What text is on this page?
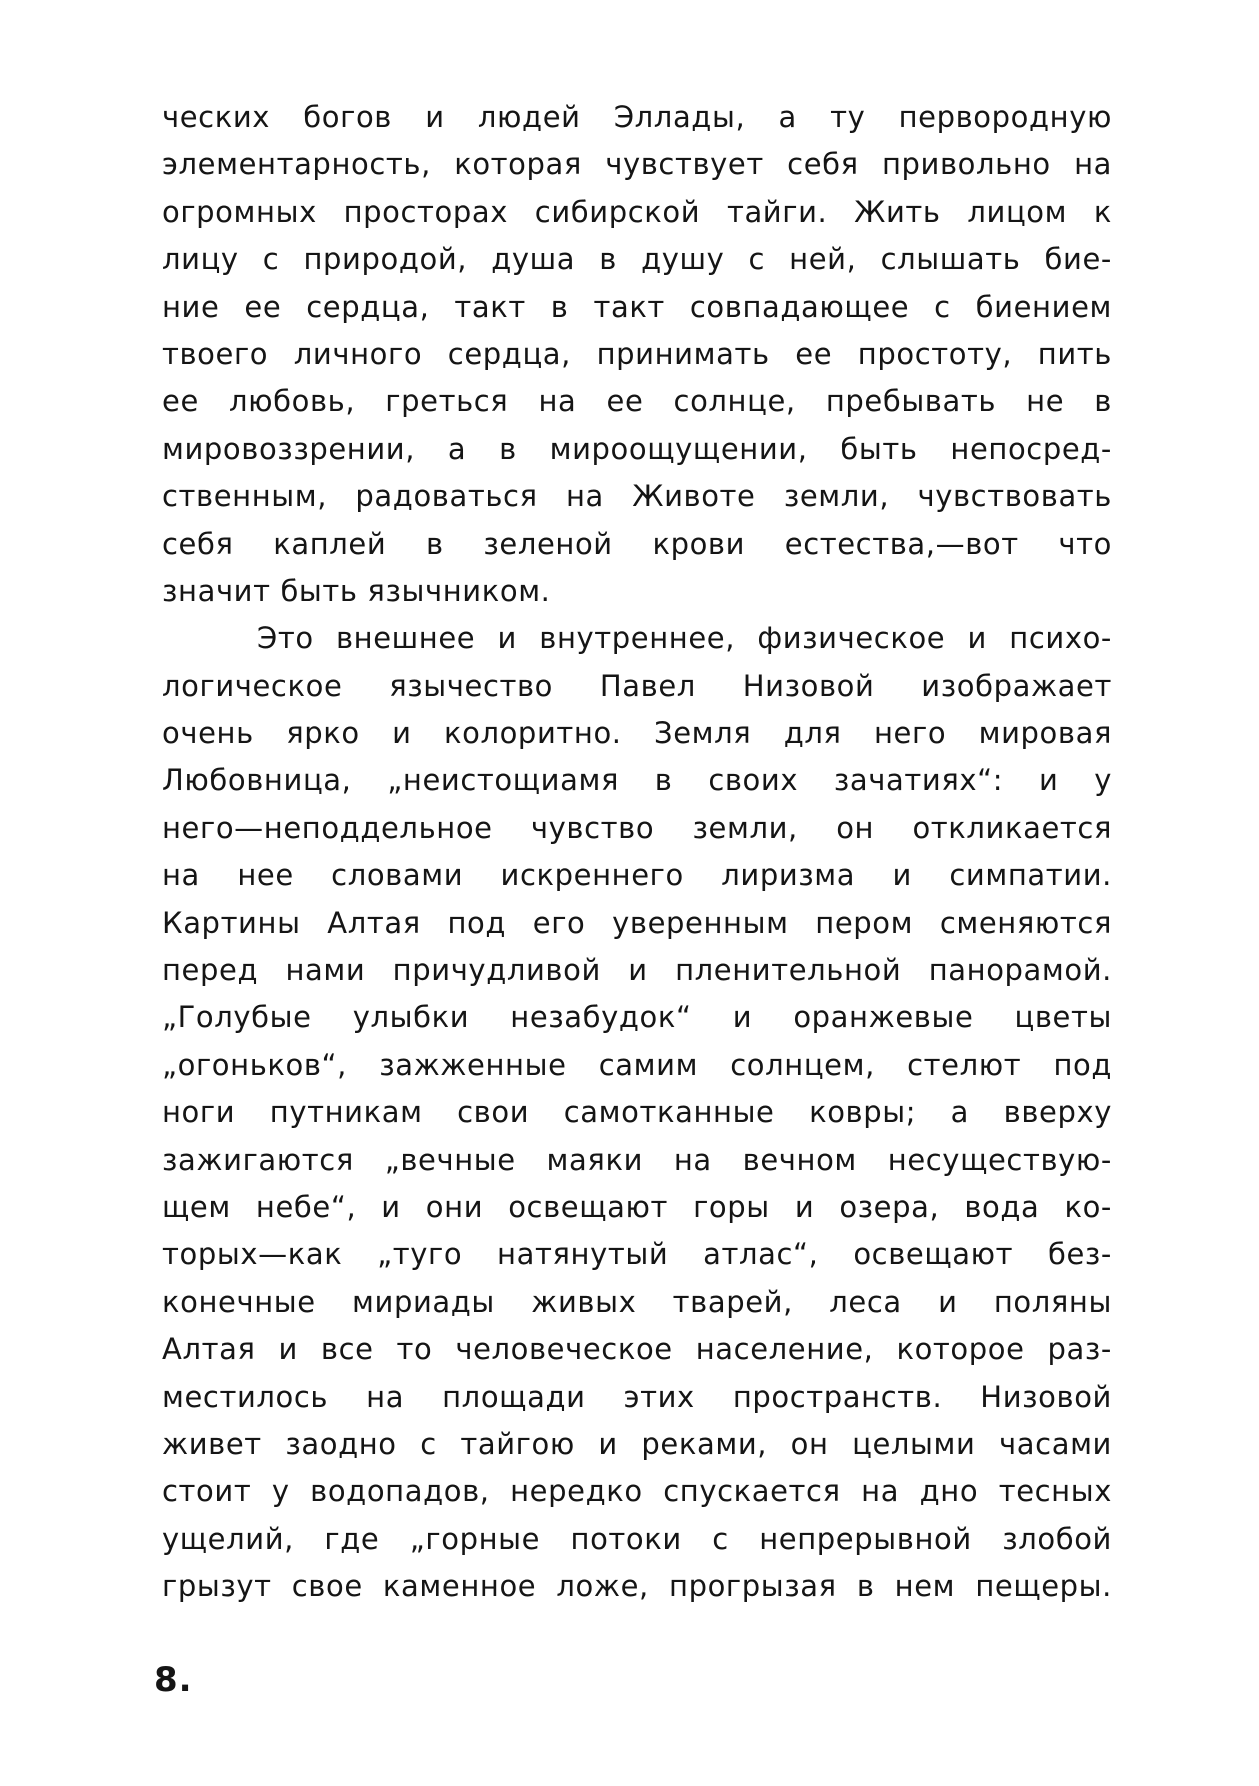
ческих богов и людей Эллады, а ту первородную
элементарность, которая чувствует себя привольно на
огромных просторах сибирской тайги. Жить лицом к
лицу с природой, душа в душу с ней, слышать бие-
ние ее сердца, такт в такт совпадающее с биением
твоего личного сердца, принимать ее простоту, пить
ее любовь, греться на ее солнце, пребывать не в
мировоззрении, а в мироощущении, быть непосред-
ственным, радоваться на Животе земли, чувствовать
себя каплей в зеленой крови естества,—вот что
значит быть язычником.
Это внешнее и внутреннее, физическое и психо-
логическое язычество Павел Низовой изображает
очень ярко и колоритно. Земля для него мировая
Любовница, „неистощиамя в своих зачатиях“: и у
него—неподдельное чувство земли, он откликается
на нее словами искреннего лиризма и симпатии.
Картины Алтая под его уверенным пером сменяются
перед нами причудливой и пленительной панорамой.
„Голубые улыбки незабудок“ и оранжевые цветы
„огоньков“, зажженные самим солнцем, стелют под
ноги путникам свои самотканные ковры; а вверху
зажигаются „вечные маяки на вечном несуществую-
щем небе“, и они освещают горы и озера, вода ко-
торых—как „туго натянутый атлас“, освещают без-
конечные мириады живых тварей, леса и поляны
Алтая и все то человеческое население, которое раз-
местилось на площади этих пространств. Низовой
живет заодно с тайгою и реками, он целыми часами
стоит у водопадов, нередко спускается на дно тесных
ущелий, где „горные потоки с непрерывной злобой
грызут свое каменное ложе, прогрызая в нем пещеры.
8.
